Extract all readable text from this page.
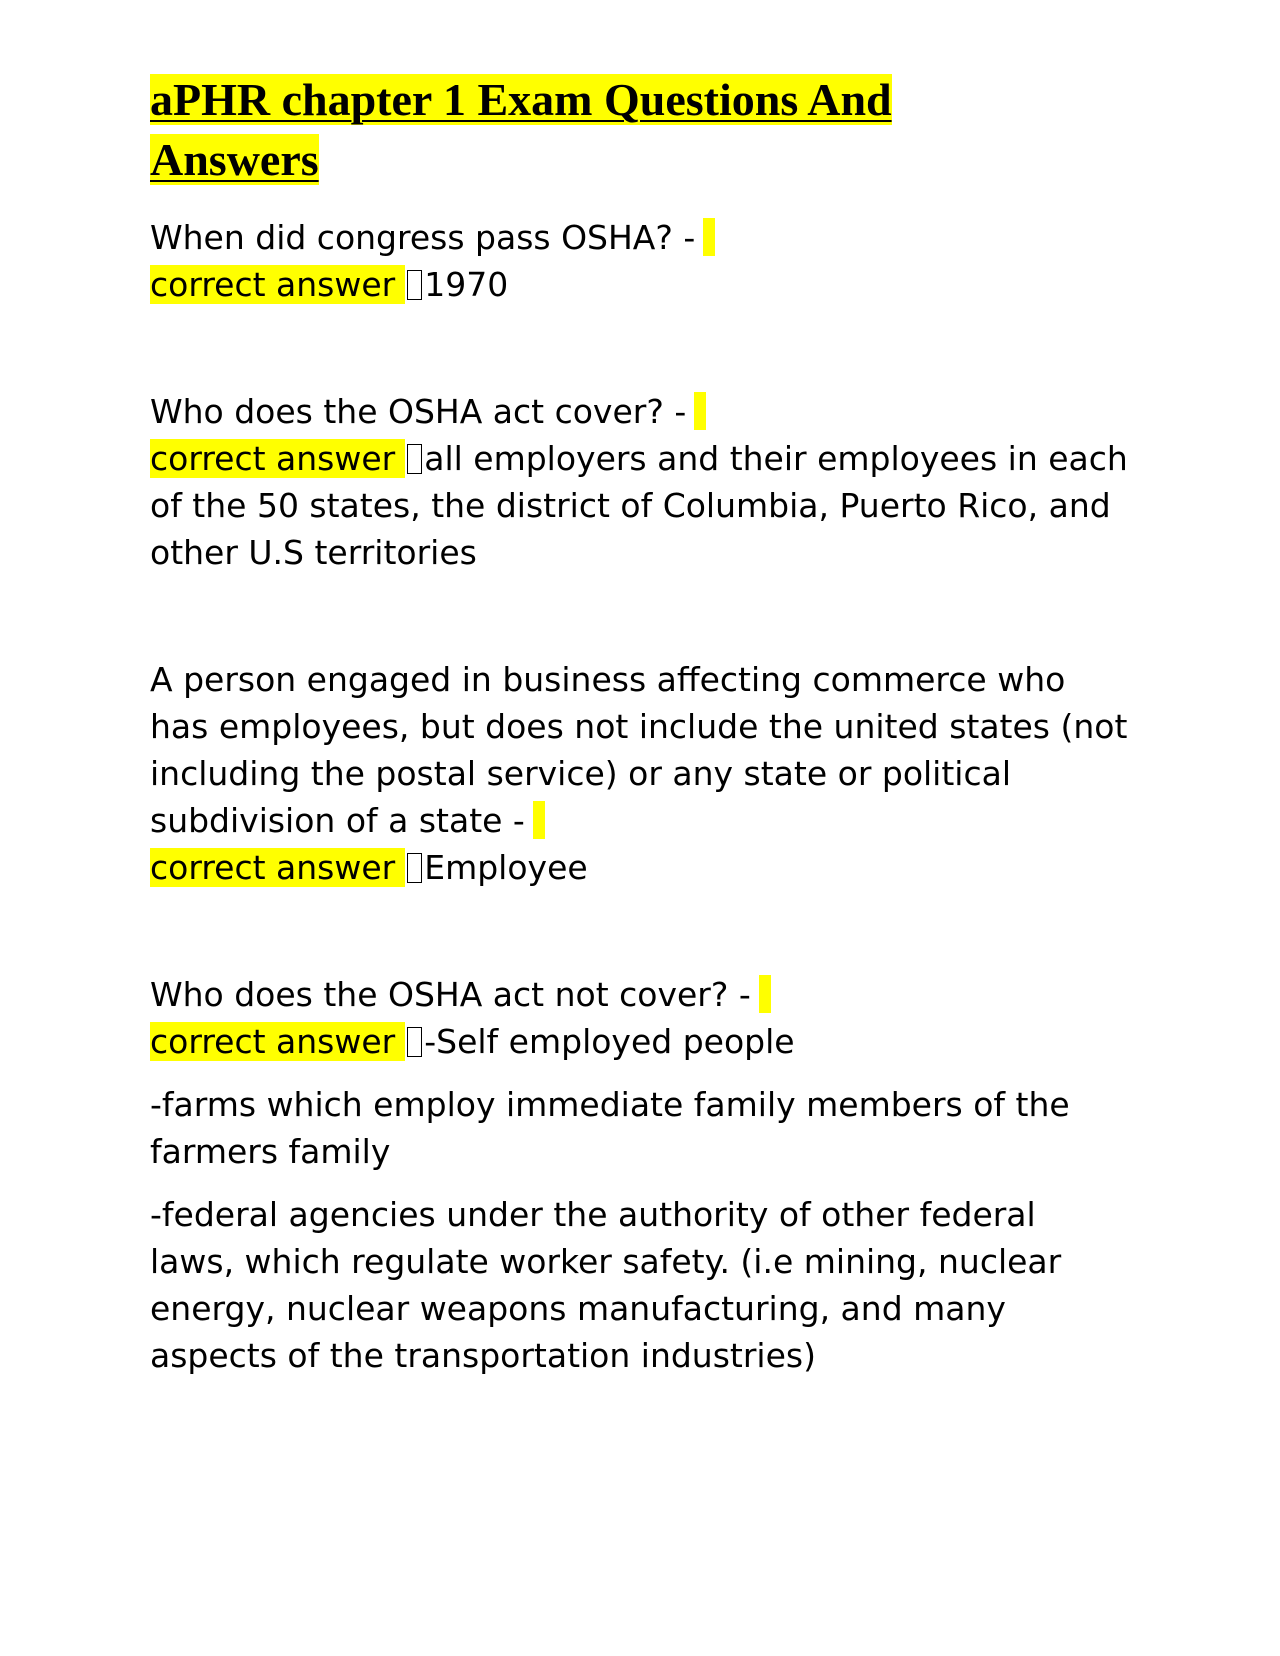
aPHR chapter 1 Exam Questions And
Answers

When did congress pass OSHA? -

correct answer 1970

Who does the OSHA act cover? -

correct answer all employers and their employees in each of the 50 states, the district of Columbia, Puerto Rico, and other U.S territories

A person engaged in business affecting commerce who has employees, but does not include the united states (not including the postal service) or any state or political subdivision of a state -

correct answer Employee

Who does the OSHA act not cover? -

correct answer -Self employed people

-farms which employ immediate family members of the farmers family

-federal agencies under the authority of other federal laws, which regulate worker safety. (i.e mining, nuclear energy, nuclear weapons manufacturing, and many aspects of the transportation industries)
